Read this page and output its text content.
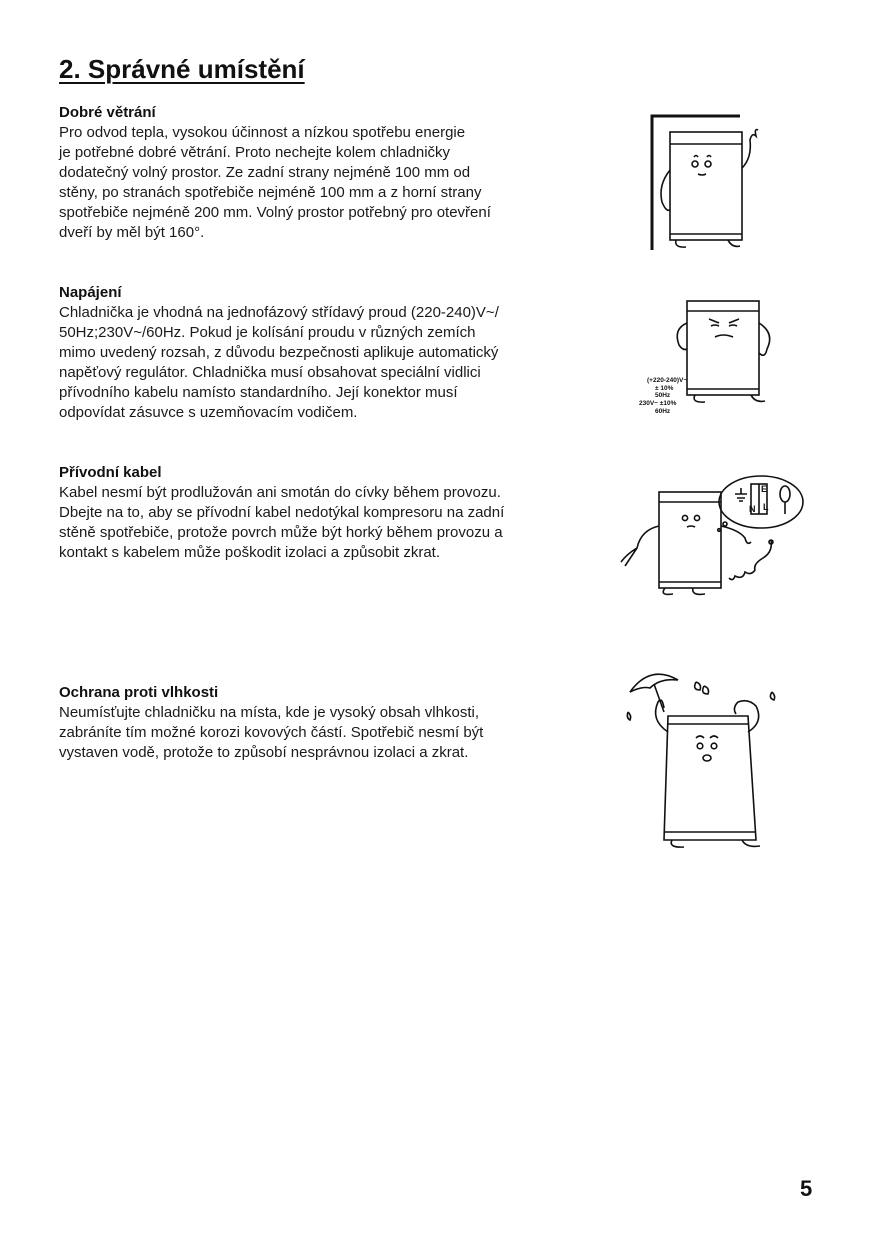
2. Správné umístění
Dobré větrání

Pro odvod tepla, vysokou účinnost a nízkou spotřebu energie
je potřebné dobré větrání. Proto nechejte kolem chladničky
dodatečný volný prostor. Ze zadní strany nejméně 100 mm od
stěny, po stranách spotřebiče nejméně 100 mm a z horní strany
spotřebiče nejméně 200 mm. Volný prostor potřebný pro otevření
dveří by měl být 160°.

Napájení

Chladnička je vhodná na jednofázový střídavý proud (220-240)V~/
50Hz;230V~/60Hz. Pokud je kolísání proudu v různých zemích
mimo uvedený rozsah, z důvodu bezpečnosti aplikuje automatický
napěťový regulátor. Chladnička musí obsahovat speciální vidlici
přívodního kabelu namísto standardního. Její konektor musí
odpovídat zásuvce s uzemňovacím vodičem.

Přívodní kabel

Kabel nesmí být prodlužován ani smotán do cívky během provozu.
Dbejte na to, aby se přívodní kabel nedotýkal kompresoru na zadní
stěně spotřebiče, protože povrch může být horký během provozu a
kontakt s kabelem může poškodit izolaci a způsobit zkrat.

Ochrana proti vlhkosti

Neumísťujte chladničku na místa, kde je vysoký obsah vlhkosti,
zabráníte tím možné korozi kovových částí. Spotřebič nesmí být
vystaven vodě, protože to způsobí nesprávnou izolaci a zkrat.

(+220-240)V~
± 10%
50Hz
230V~ ±10%
60Hz
E
N L
5
